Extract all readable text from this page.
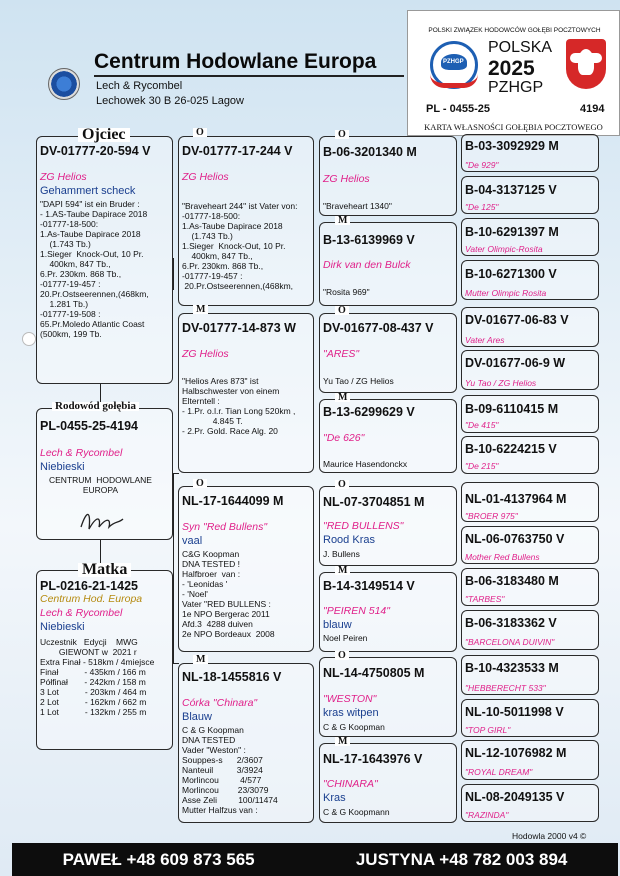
Centrum Hodowlane Europa
Lech & Rycombel
Lechowek 30 B 26-025 Lagow
POLSKI ZWIĄZEK HODOWCÓW GOŁĘBI POCZTOWYCH
PZHGP
POLSKA
2025
PZHGP
PL - 0455-25	4194
KARTA WŁASNOŚCI GOŁĘBIA POCZTOWEGO
DV-01777-20-594 V
ZG Helios
Gehammert scheck
"DAPI 594" ist ein Bruder :
- 1.AS-Taube Dapirace 2018
-01777-18-500:
1.As-Taube Dapirace 2018
(1.743 Tb.)
1.Sieger  Knock-Out, 10 Pr.
400km, 847 Tb.,
6.Pr. 230km. 868 Tb.,
-01777-19-457 :
20.Pr.Ostseerennen,(468km,
1.281 Tb.)
-01777-19-508 :
65.Pr.Moledo Atlantic Coast
(500km, 199 Tb.
Ojciec
PL-0455-25-4194
Lech & Rycombel
Niebieski
CENTRUM  HODOWLANE
EUROPA
Rodowód gołębia
PL-0216-21-1425
Centrum Hod. Europa
Lech & Rycombel
Niebieski
Uczestnik   Edycji    MWG
GIEWONT w  2021 r
Extra Finał - 518km / 4miejsce
Finał           - 435km / 166 m
Półfinał       - 242km / 158 m
3 Lot           - 203km / 464 m
2 Lot           - 162km / 662 m
1 Lot           - 132km / 255 m
Matka
DV-01777-17-244 V
ZG Helios
"Braveheart 244" ist Vater von:
-01777-18-500:
1.As-Taube Dapirace 2018
(1.743 Tb.)
1.Sieger  Knock-Out, 10 Pr.
400km, 847 Tb.,
6.Pr. 230km. 868 Tb.,
-01777-19-457 :
20.Pr.Ostseerennen,(468km,
O
DV-01777-14-873 W
ZG Helios
"Helios Ares 873" ist
Halbschwester von einem
Elterntell :
- 1.Pr. o.l.r. Tian Long 520km ,
4.845 T.
- 2.Pr. Gold. Race Alg. 20
M
NL-17-1644099 M
Syn "Red Bullens"
vaal
C&G Koopman
DNA TESTED !
Halfbroer  van :
- 'Leonidas '
- 'Noel'
Vater "RED BULLENS :
1e NPO Bergerac 2011
Afd.3  4288 duiven
2e NPO Bordeaux  2008
O
NL-18-1455816 V
Córka "Chinara"
Blauw
C & G Koopman
DNA TESTED
Vader "Weston" :
Souppes-s      2/3607
Nanteuil          3/3924
Morlincou         4/577
Morlincou        23/3079
Asse Zeli         100/11474
Mutter Halfzus van :
M
B-06-3201340 M
ZG Helios
"Braveheart 1340"
O
B-13-6139969 V
Dirk van den Bulck
"Rosita 969"
M
DV-01677-08-437 V
"ARES"
Yu Tao / ZG Helios
O
B-13-6299629 V
"De 626"
Maurice Hasendonckx
M
NL-07-3704851 M
"RED BULLENS"
Rood Kras
J. Bullens
O
B-14-3149514 V
"PEIREN 514"
blauw
Noel Peiren
M
NL-14-4750805 M
"WESTON"
kras witpen
C & G Koopman
O
NL-17-1643976 V
"CHINARA"
Kras
C & G Koopmann
M
B-03-3092929 M
"De 929"
B-04-3137125 V
"De 125"
B-10-6291397 M
Vater Olimpic-Rosita
B-10-6271300 V
Mutter Olimpic Rosita
DV-01677-06-83 V
Vater Ares
DV-01677-06-9 W
Yu Tao / ZG Helios
B-09-6110415 M
"De 415"
B-10-6224215 V
"De 215"
NL-01-4137964 M
"BROER 975"
NL-06-0763750 V
Mother Red Bullens
B-06-3183480 M
"TARBES"
B-06-3183362 V
"BARCELONA DUIVIN"
B-10-4323533 M
"HEBBERECHT 533"
NL-10-5011998 V
"TOP GIRL"
NL-12-1076982 M
"ROYAL DREAM"
NL-08-2049135 V
"RAZINDA"
Hodowla 2000 v4 ©
PAWEŁ +48 609 873 565	JUSTYNA +48 782 003 894
